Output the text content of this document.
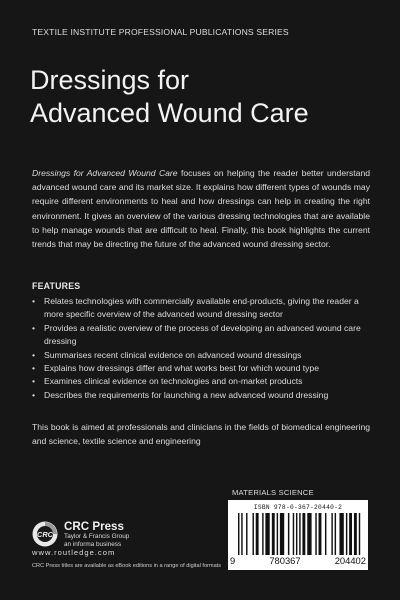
TEXTILE INSTITUTE PROFESSIONAL PUBLICATIONS SERIES
Dressings for
Advanced Wound Care

Dressings for Advanced Wound Care focuses on helping the reader better understand advanced wound care and its market size. It explains how different types of wounds may require different environments to heal and how dressings can help in creating the right environment. It gives an overview of the various dressing technologies that are available to help manage wounds that are difficult to heal. Finally, this book highlights the current trends that may be directing the future of the advanced wound dressing sector.

FEATURES
• Relates technologies with commercially available end-products, giving the reader a more specific overview of the advanced wound dressing sector
• Provides a realistic overview of the process of developing an advanced wound care dressing
• Summarises recent clinical evidence on advanced wound dressings
• Explains how dressings differ and what works best for which wound type
• Examines clinical evidence on technologies and on-market products
• Describes the requirements for launching a new advanced wound dressing

This book is aimed at professionals and clinicians in the fields of biomedical engineering and science, textile science and engineering

MATERIALS SCIENCE
ISBN 978-0-367-20440-2
9	780367	204402
CRC
CRC Press
Taylor & Francis Group
an informa business
www.routledge.com
CRC Press titles are available as eBook editions in a range of digital formats
